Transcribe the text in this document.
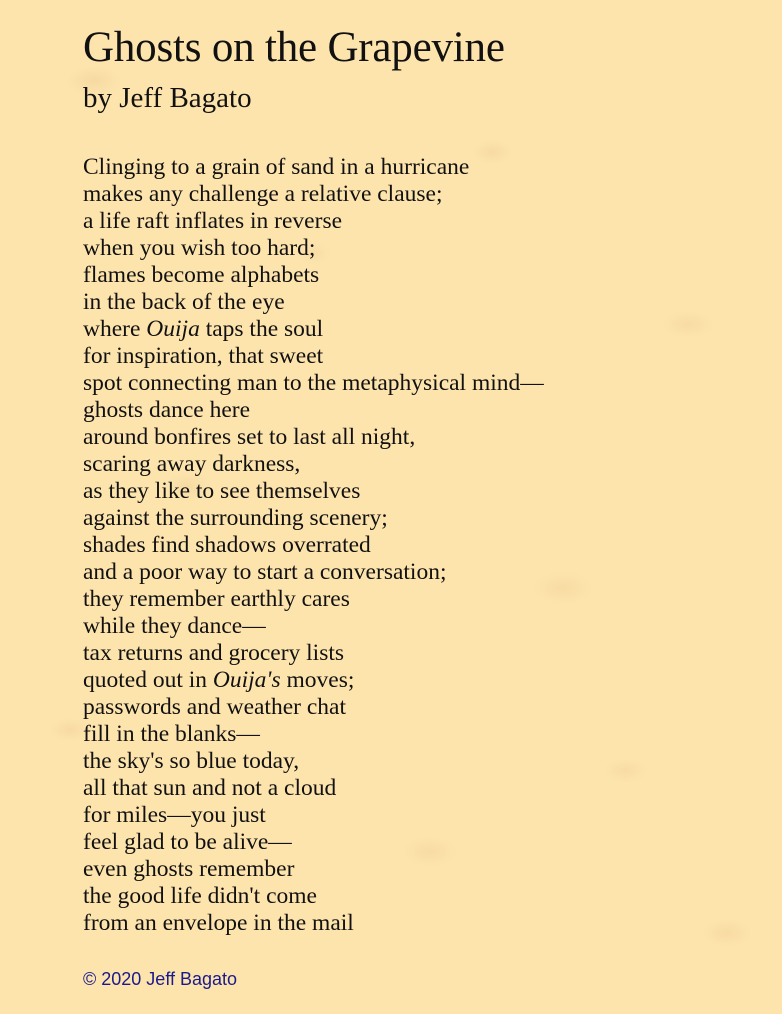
Ghosts on the Grapevine
by Jeff Bagato
Clinging to a grain of sand in a hurricane
makes any challenge a relative clause;
a life raft inflates in reverse
when you wish too hard;
flames become alphabets
in the back of the eye
where Ouija taps the soul
for inspiration, that sweet
spot connecting man to the metaphysical mind—
ghosts dance here
around bonfires set to last all night,
scaring away darkness,
as they like to see themselves
against the surrounding scenery;
shades find shadows overrated
and a poor way to start a conversation;
they remember earthly cares
while they dance—
tax returns and grocery lists
quoted out in Ouija's moves;
passwords and weather chat
fill in the blanks—
the sky's so blue today,
all that sun and not a cloud
for miles—you just
feel glad to be alive—
even ghosts remember
the good life didn't come
from an envelope in the mail
© 2020 Jeff Bagato
